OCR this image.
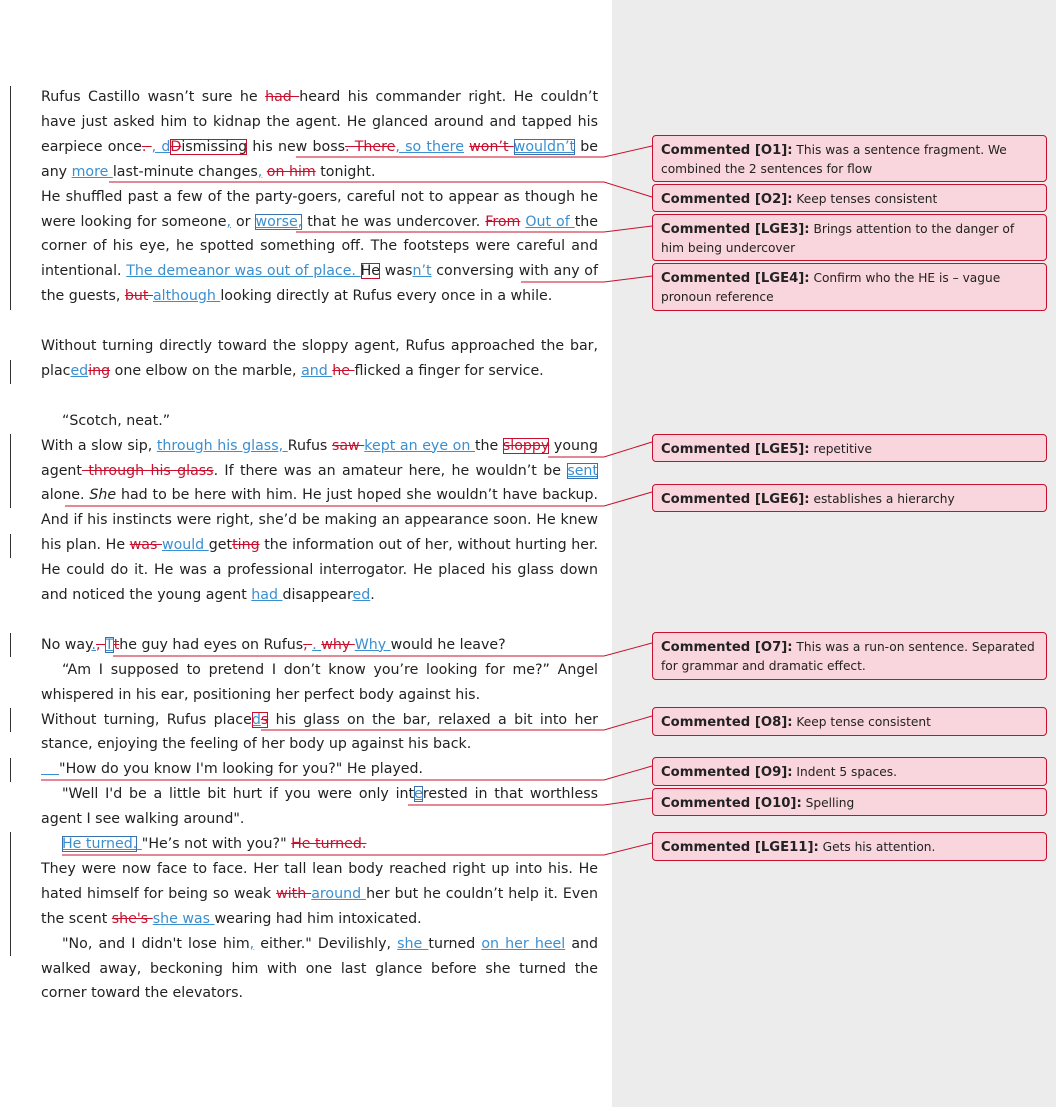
Rufus Castillo wasn’t sure he had heard his commander right. He couldn’t have just asked him to kidnap the agent. He glanced around and tapped his earpiece once. , dDismissing his new boss. There, so there won’t wouldn’t be any more last-minute changes, on him tonight.
He shuffled past a few of the party-goers, careful not to appear as though he were looking for someone, or worse, that he was undercover. From Out of the corner of his eye, he spotted something off. The footsteps were careful and intentional. The demeanor was out of place. He wasn’t conversing with any of the guests, but although looking directly at Rufus every once in a while.
Without turning directly toward the sloppy agent, Rufus approached the bar, placeding one elbow on the marble, and he flicked a finger for service.
“Scotch, neat.”
With a slow sip, through his glass, Rufus saw kept an eye on the sloppy young agent through his glass. If there was an amateur here, he wouldn’t be sent alone. She had to be here with him. He just hoped she wouldn’t have backup. And if his instincts were right, she’d be making an appearance soon. He knew his plan. He was would getting the information out of her, without hurting her. He could do it. He was a professional interrogator. He placed his glass down and noticed the young agent had disappeared.
No way., Tthe guy had eyes on Rufus, . why Why would he leave?
“Am I supposed to pretend I don’t know you’re looking for me?” Angel whispered in his ear, positioning her perfect body against his.
Without turning, Rufus placeds his glass on the bar, relaxed a bit into her stance, enjoying the feeling of her body up against his back.
"How do you know I'm looking for you?" He played.
"Well I'd be a little bit hurt if you were only interested in that worthless agent I see walking around".
He turned. "He’s not with you?" He turned.
They were now face to face. Her tall lean body reached right up into his. He hated himself for being so weak with around her but he couldn’t help it. Even the scent she's she was wearing had him intoxicated.
"No, and I didn't lose him, either." Devilishly, she turned on her heel and walked away, beckoning him with one last glance before she turned the corner toward the elevators.
Commented [O1]: This was a sentence fragment. We combined the 2 sentences for flow
Commented [O2]: Keep tenses consistent
Commented [LGE3]: Brings attention to the danger of him being undercover
Commented [LGE4]: Confirm who the HE is – vague pronoun reference
Commented [LGE5]: repetitive
Commented [LGE6]: establishes a hierarchy
Commented [O7]: This was a run-on sentence. Separated for grammar and dramatic effect.
Commented [O8]: Keep tense consistent
Commented [O9]: Indent 5 spaces.
Commented [O10]: Spelling
Commented [LGE11]: Gets his attention.
